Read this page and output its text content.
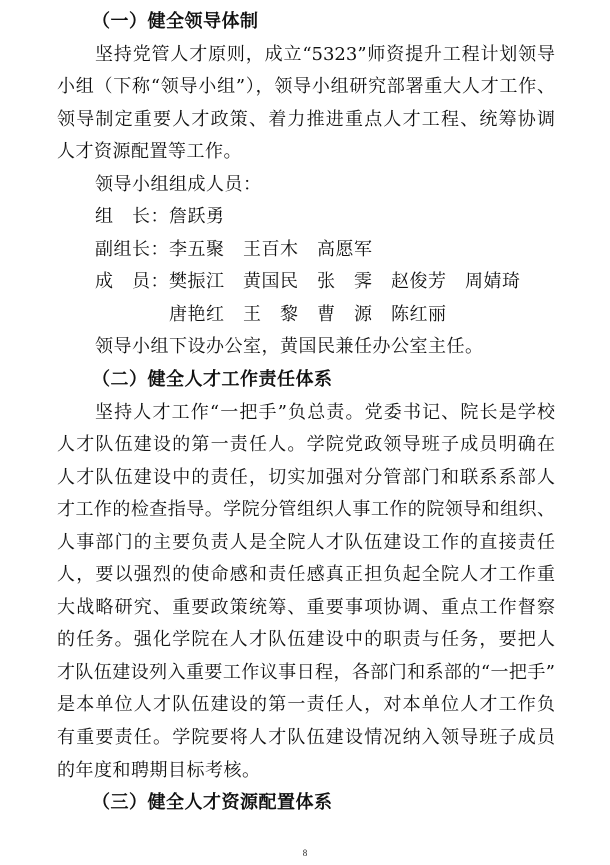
（一）健全领导体制
坚持党管人才原则，成立“5323”师资提升工程计划领导
小组（下称“领导小组”），领导小组研究部署重大人才工作、
领导制定重要人才政策、着力推进重点人才工程、统筹协调
人才资源配置等工作。
领导小组组成人员：
组　长：詹跃勇
副组长：李五聚　王百木　高愿军
成　员：樊振江　黄国民　张　霁　赵俊芳　周婧琦
唐艳红　王　黎　曹　源　陈红丽
领导小组下设办公室，黄国民兼任办公室主任。
（二）健全人才工作责任体系
坚持人才工作“一把手”负总责。党委书记、院长是学校
人才队伍建设的第一责任人。学院党政领导班子成员明确在
人才队伍建设中的责任，切实加强对分管部门和联系系部人
才工作的检查指导。学院分管组织人事工作的院领导和组织、
人事部门的主要负责人是全院人才队伍建设工作的直接责任
人，要以强烈的使命感和责任感真正担负起全院人才工作重
大战略研究、重要政策统筹、重要事项协调、重点工作督察
的任务。强化学院在人才队伍建设中的职责与任务，要把人
才队伍建设列入重要工作议事日程，各部门和系部的“一把手”
是本单位人才队伍建设的第一责任人，对本单位人才工作负
有重要责任。学院要将人才队伍建设情况纳入领导班子成员
的年度和聘期目标考核。
（三）健全人才资源配置体系
8
